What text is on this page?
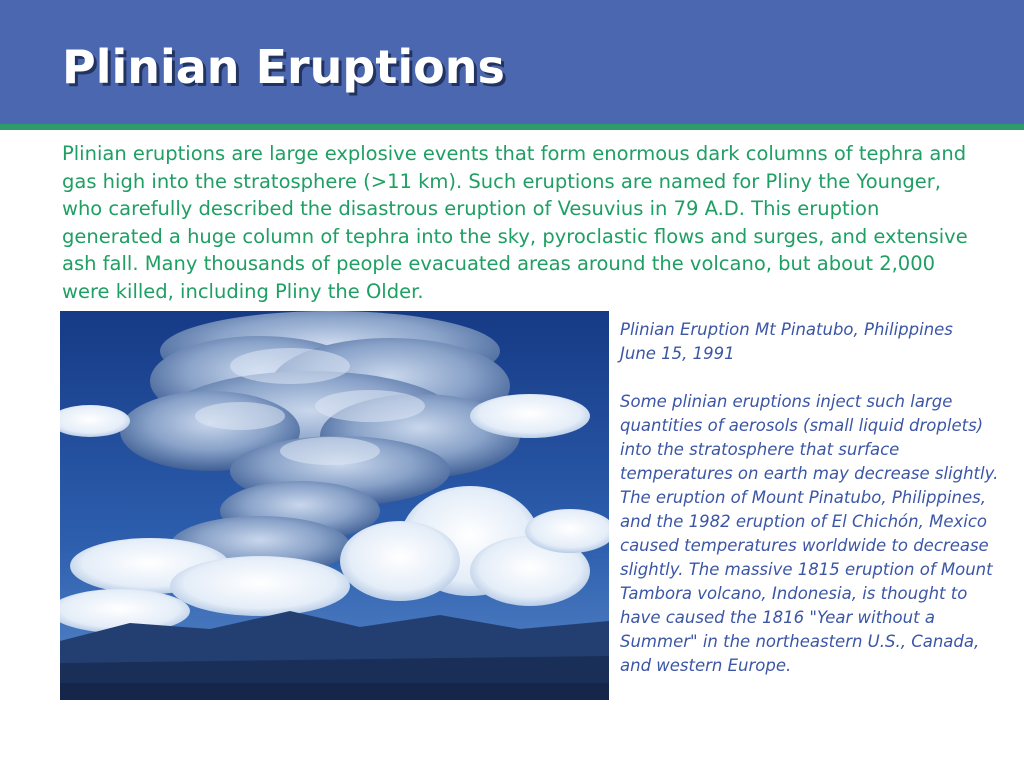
Plinian Eruptions

Plinian eruptions are large explosive events that form enormous dark columns of tephra and gas high into the stratosphere (>11 km). Such eruptions are named for Pliny the Younger, who carefully described the disastrous eruption of Vesuvius in 79 A.D. This eruption generated a huge column of tephra into the sky, pyroclastic flows and surges, and extensive ash fall. Many thousands of people evacuated areas around the volcano, but about 2,000 were killed, including Pliny the Older.

Plinian Eruption Mt Pinatubo, Philippines

June 15, 1991

Some plinian eruptions inject such large quantities of aerosols (small liquid droplets) into the stratosphere that surface temperatures on earth may decrease slightly. The eruption of Mount Pinatubo, Philippines, and the 1982 eruption of El Chichón, Mexico caused temperatures worldwide to decrease slightly. The massive 1815 eruption of Mount Tambora volcano, Indonesia, is thought to have caused the 1816 "Year without a Summer" in the northeastern U.S., Canada, and western Europe.
